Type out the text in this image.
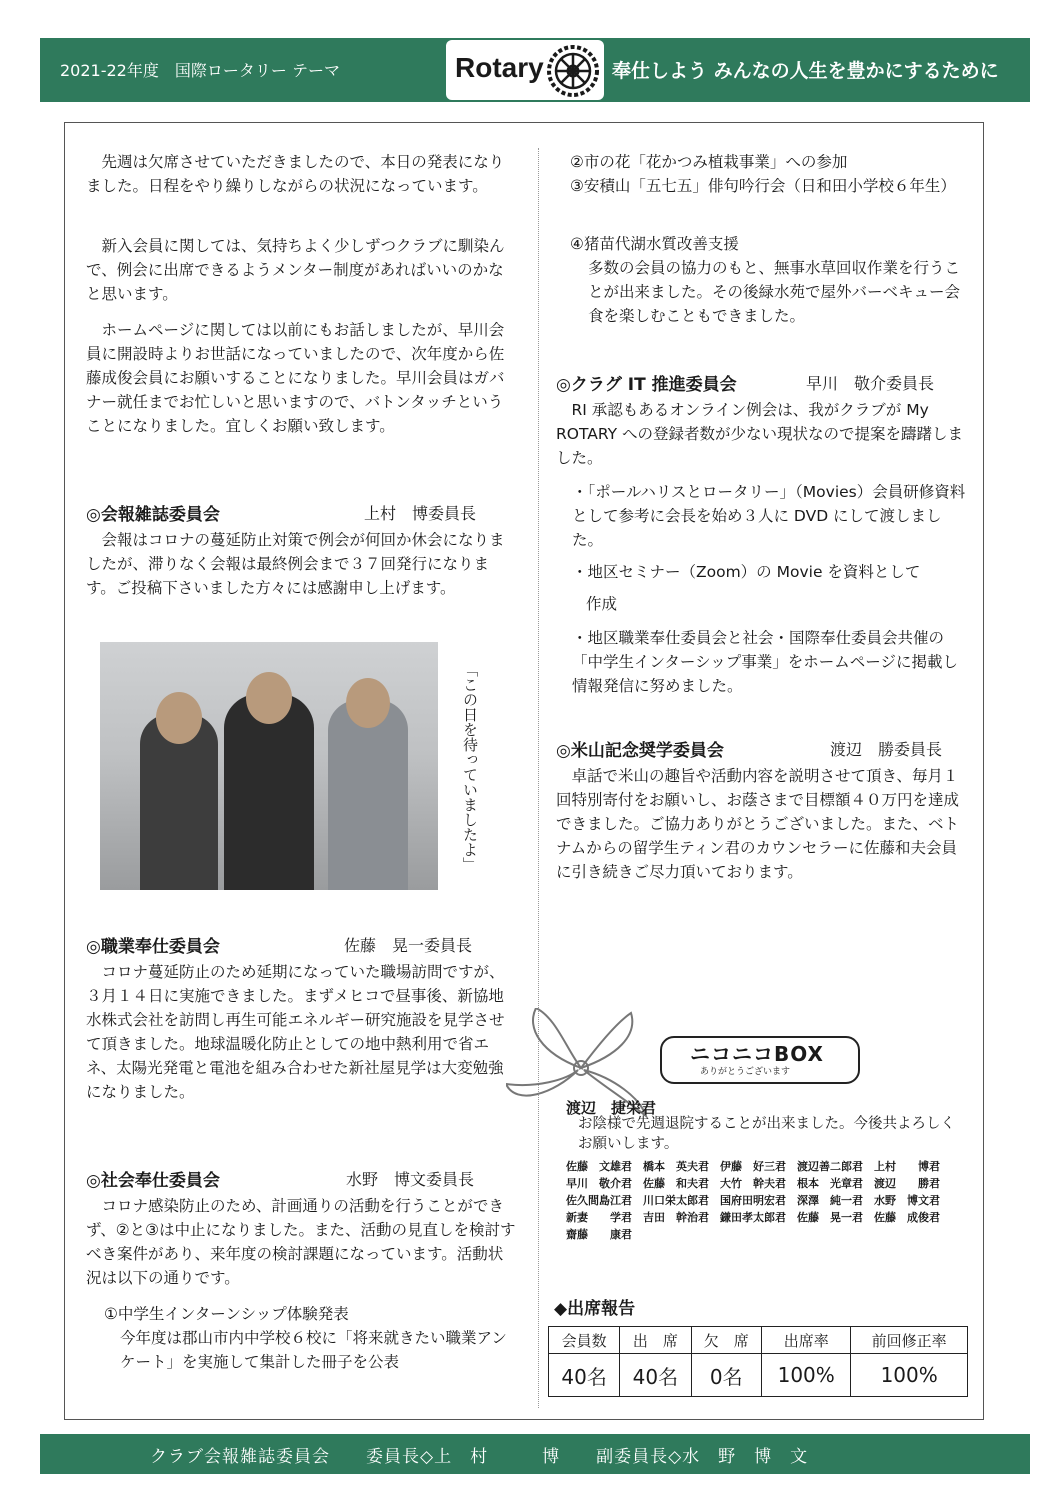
2021-22年度　国際ロータリー テーマ	Rotary	奉仕しよう みんなの人生を豊かにするために
　先週は欠席させていただきましたので、本日の発表になりました。日程をやり繰りしながらの状況になっています。
　新入会員に関しては、気持ちよく少しずつクラブに馴染んで、例会に出席できるようメンター制度があればいいのかなと思います。
　ホームページに関しては以前にもお話しましたが、早川会員に開設時よりお世話になっていましたので、次年度から佐藤成俊会員にお願いすることになりました。早川会員はガバナー就任までお忙しいと思いますので、バトンタッチということになりました。宜しくお願い致します。
◎会報雑誌委員会	上村　博委員長
　会報はコロナの蔓延防止対策で例会が何回か休会になりましたが、滞りなく会報は最終例会まで３７回発行になります。ご投稿下さいました方々には感謝申し上げます。
「この日を待っていましたよ」
◎職業奉仕委員会	佐藤　晃一委員長
　コロナ蔓延防止のため延期になっていた職場訪問ですが、３月１４日に実施できました。まずメヒコで昼事後、新協地水株式会社を訪問し再生可能エネルギー研究施設を見学させて頂きました。地球温暖化防止としての地中熱利用で省エネ、太陽光発電と電池を組み合わせた新社屋見学は大変勉強になりました。
◎社会奉仕委員会	水野　博文委員長
　コロナ感染防止のため、計画通りの活動を行うことができず、②と③は中止になりました。また、活動の見直しを検討すべき案件があり、来年度の検討課題になっています。活動状況は以下の通りです。
①中学生インターンシップ体験発表
今年度は郡山市内中学校６校に「将来就きたい職業アンケート」を実施して集計した冊子を公表
②市の花「花かつみ植栽事業」への参加
③安積山「五七五」俳句吟行会（日和田小学校６年生）
④猪苗代湖水質改善支援
多数の会員の協力のもと、無事水草回収作業を行うことが出来ました。その後緑水苑で屋外バーベキュー会食を楽しむこともできました。
◎クラグ IT 推進委員会	早川　敬介委員長
　RI 承認もあるオンライン例会は、我がクラブが My ROTARY への登録者数が少ない現状なので提案を躊躇しました。
・「ポールハリスとロータリー」（Movies）会員研修資料として参考に会長を始め３人に DVD にして渡しました。
・地区セミナー（Zoom）の Movie を資料として
作成
・地区職業奉仕委員会と社会・国際奉仕委員会共催の「中学生インターシップ事業」をホームページに掲載し情報発信に努めました。
◎米山記念奨学委員会	渡辺　勝委員長
　卓話で米山の趣旨や活動内容を説明させて頂き、毎月１回特別寄付をお願いし、お蔭さまで目標額４０万円を達成できました。ご協力ありがとうございました。また、ベトナムからの留学生ティン君のカウンセラーに佐藤和夫会員に引き続きご尽力頂いております。
ニコニコBOX
ありがとうございます
渡辺　捷栄君
お陰様で先週退院することが出来ました。今後共よろしくお願いします。
佐藤　文雄君　橋本　英夫君　伊藤　好三君　渡辺善二郎君　上村　　博君
早川　敬介君　佐藤　和夫君　大竹　幹夫君　根本　光章君　渡辺　　勝君
佐久間島江君　川口栄太郎君　国府田明宏君　深澤　純一君　水野　博文君
新妻　　学君　吉田　幹治君　鎌田孝太郎君　佐藤　晃一君　佐藤　成俊君
齋藤　　康君
◆出席報告
会員数	出　席	欠　席	出席率	前回修正率
40名	40名	0名	100%	100%
クラブ会報雑誌委員会　　委員長◇上　村　　　博　　副委員長◇水　野　博　文
